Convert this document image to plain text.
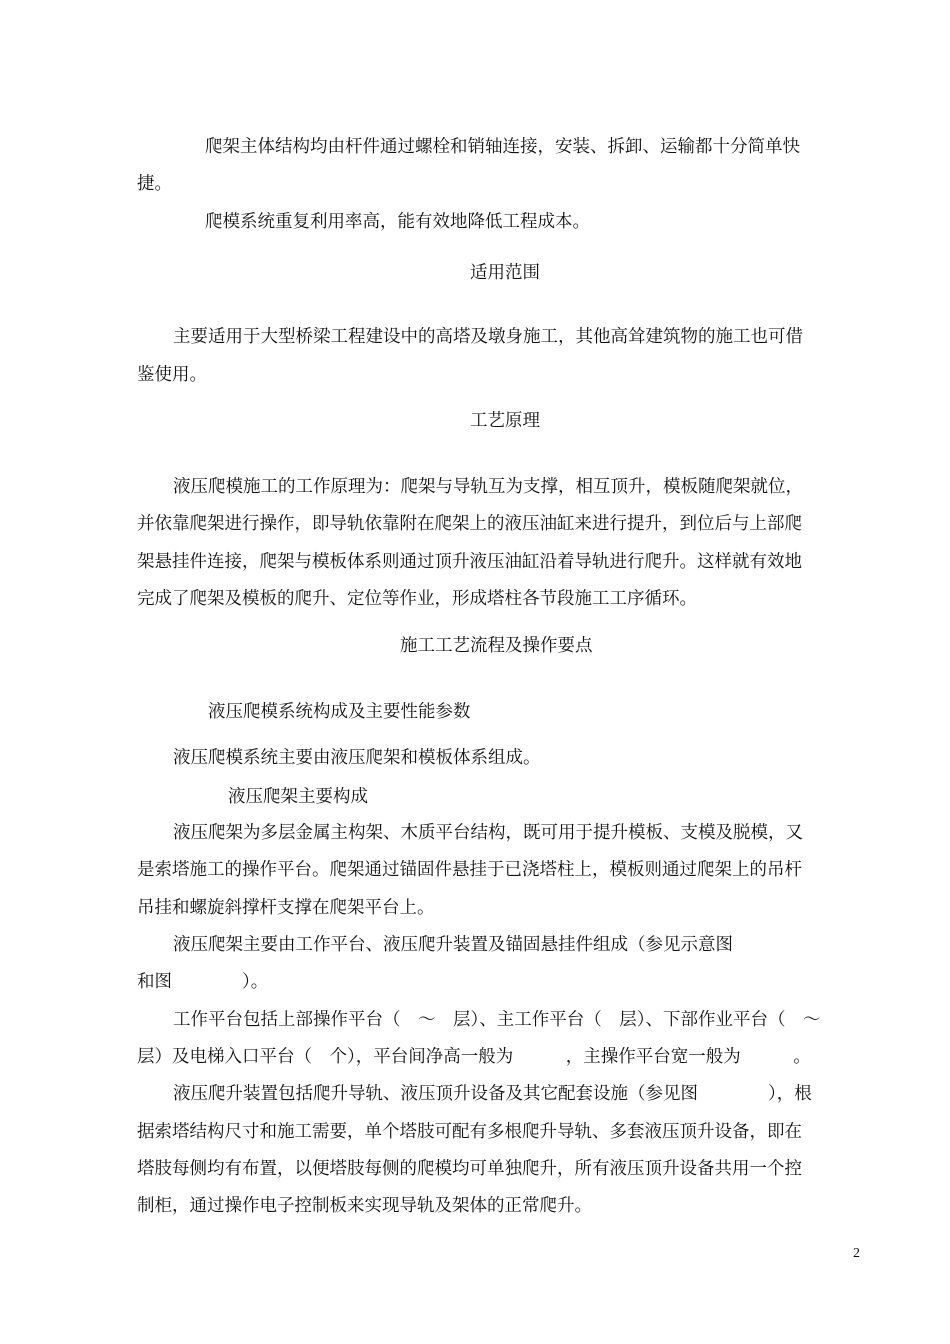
爬架主体结构均由杆件通过螺栓和销轴连接，安装、拆卸、运输都十分简单快

捷。

爬模系统重复利用率高，能有效地降低工程成本。

适用范围

主要适用于大型桥梁工程建设中的高塔及墩身施工，其他高耸建筑物的施工也可借

鉴使用。

工艺原理

液压爬模施工的工作原理为：爬架与导轨互为支撑，相互顶升，模板随爬架就位，

并依靠爬架进行操作，即导轨依靠附在爬架上的液压油缸来进行提升，到位后与上部爬

架悬挂件连接，爬架与模板体系则通过顶升液压油缸沿着导轨进行爬升。这样就有效地

完成了爬架及模板的爬升、定位等作业，形成塔柱各节段施工工序循环。

施工工艺流程及操作要点

液压爬模系统构成及主要性能参数

液压爬模系统主要由液压爬架和模板体系组成。

液压爬架主要构成

液压爬架为多层金属主构架、木质平台结构，既可用于提升模板、支模及脱模，又

是索塔施工的操作平台。爬架通过锚固件悬挂于已浇塔柱上，模板则通过爬架上的吊杆

吊挂和螺旋斜撑杆支撑在爬架平台上。

液压爬架主要由工作平台、液压爬升装置及锚固悬挂件组成（参见示意图

和图　　　　）。

工作平台包括上部操作平台（　～　层）、主工作平台（　层）、下部作业平台（　～

层）及电梯入口平台（　个），平台间净高一般为　　　，主操作平台宽一般为　　　。

液压爬升装置包括爬升导轨、液压顶升设备及其它配套设施（参见图　　　　），根

据索塔结构尺寸和施工需要，单个塔肢可配有多根爬升导轨、多套液压顶升设备，即在

塔肢每侧均有布置，以便塔肢每侧的爬模均可单独爬升，所有液压顶升设备共用一个控

制柜，通过操作电子控制板来实现导轨及架体的正常爬升。

2
